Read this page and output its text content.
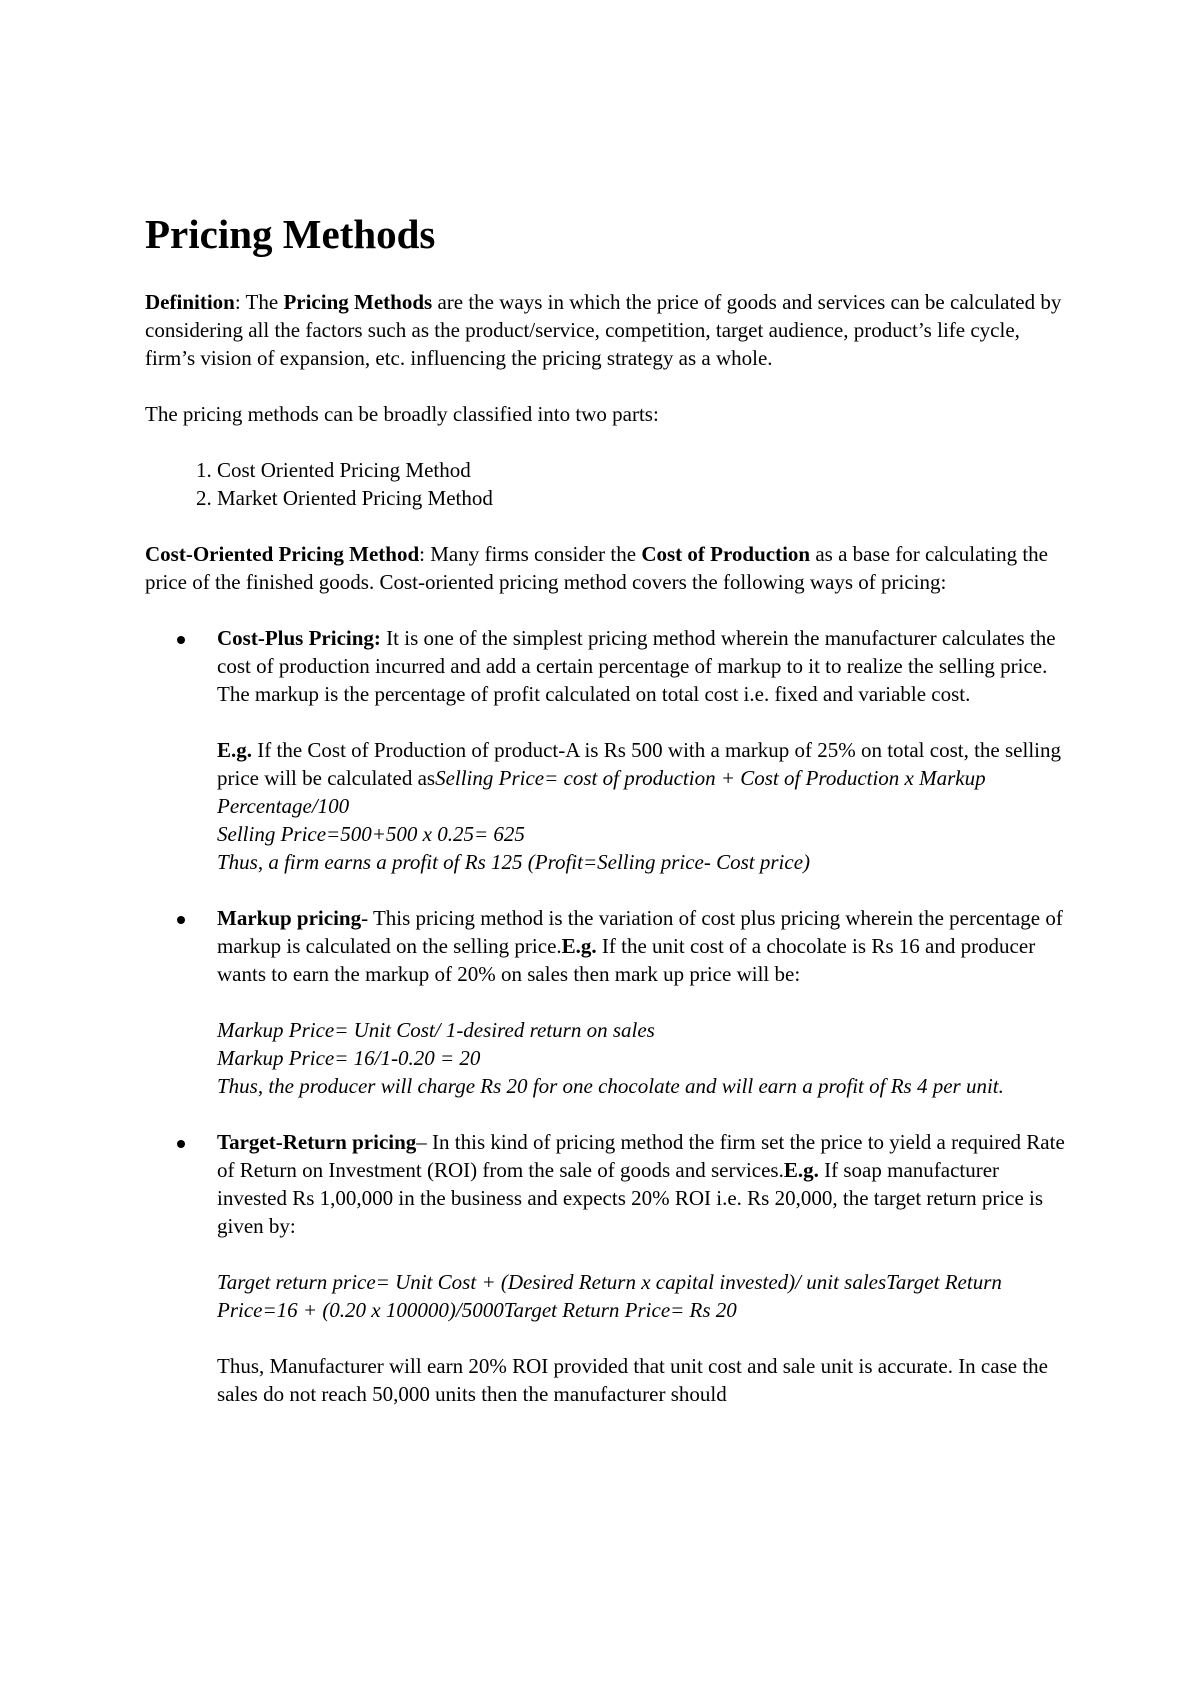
Pricing Methods

Definition: The Pricing Methods are the ways in which the price of goods and services can be calculated by considering all the factors such as the product/service, competition, target audience, product’s life cycle, firm’s vision of expansion, etc. influencing the pricing strategy as a whole.

The pricing methods can be broadly classified into two parts:

1. Cost Oriented Pricing Method
2. Market Oriented Pricing Method

Cost-Oriented Pricing Method: Many firms consider the Cost of Production as a base for calculating the price of the finished goods. Cost-oriented pricing method covers the following ways of pricing:

Cost-Plus Pricing: It is one of the simplest pricing method wherein the manufacturer calculates the cost of production incurred and add a certain percentage of markup to it to realize the selling price. The markup is the percentage of profit calculated on total cost i.e. fixed and variable cost.
E.g. If the Cost of Production of product-A is Rs 500 with a markup of 25% on total cost, the selling price will be calculated asSelling Price= cost of production + Cost of Production x Markup Percentage/100
Selling Price=500+500 x 0.25= 625
Thus, a firm earns a profit of Rs 125 (Profit=Selling price- Cost price)
Markup pricing- This pricing method is the variation of cost plus pricing wherein the percentage of markup is calculated on the selling price.E.g. If the unit cost of a chocolate is Rs 16 and producer wants to earn the markup of 20% on sales then mark up price will be:
Markup Price= Unit Cost/ 1-desired return on sales
Markup Price= 16/1-0.20 = 20
Thus, the producer will charge Rs 20 for one chocolate and will earn a profit of Rs 4 per unit.
Target-Return pricing– In this kind of pricing method the firm set the price to yield a required Rate of Return on Investment (ROI) from the sale of goods and services.E.g. If soap manufacturer invested Rs 1,00,000 in the business and expects 20% ROI i.e. Rs 20,000, the target return price is given by:
Target return price= Unit Cost + (Desired Return x capital invested)/ unit salesTarget Return Price=16 + (0.20 x 100000)/5000Target Return Price= Rs 20
Thus, Manufacturer will earn 20% ROI provided that unit cost and sale unit is accurate. In case the sales do not reach 50,000 units then the manufacturer should
